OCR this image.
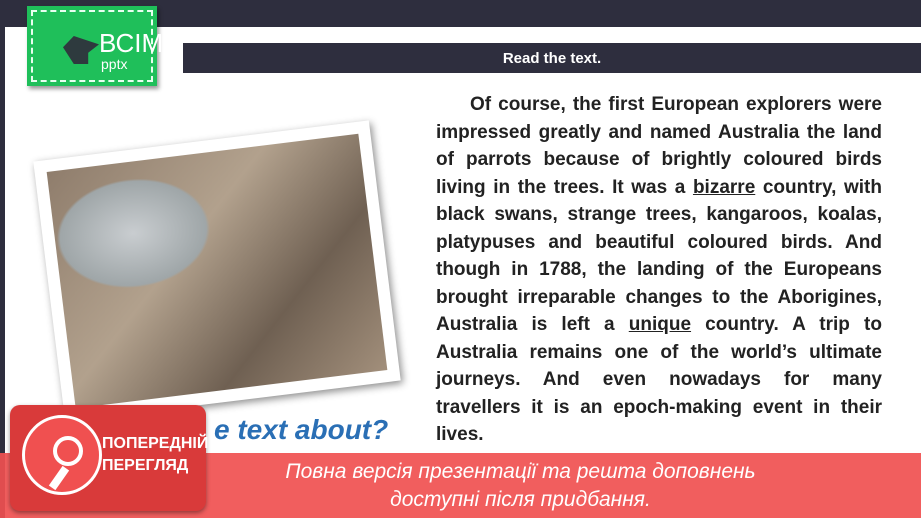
ВСІМ
pptx	Read the text.
Of course, the first European explorers were impressed greatly and named Australia the land of parrots because of brightly coloured birds living in the trees. It was a bizarre country, with black swans, strange trees, kangaroos, koalas, platypuses and beautiful coloured birds. And though in 1788, the landing of the Europeans brought irreparable changes to the Aborigines, Australia is left a unique country. A trip to Australia remains one of the world’s ultimate journeys. And even nowadays for many travellers it is an epoch-making event in their lives.
Повна версія презентації та решта доповнень
доступні після придбання.
ПОПЕРЕДНІЙ
ПЕРЕГЛЯД
e text about?
